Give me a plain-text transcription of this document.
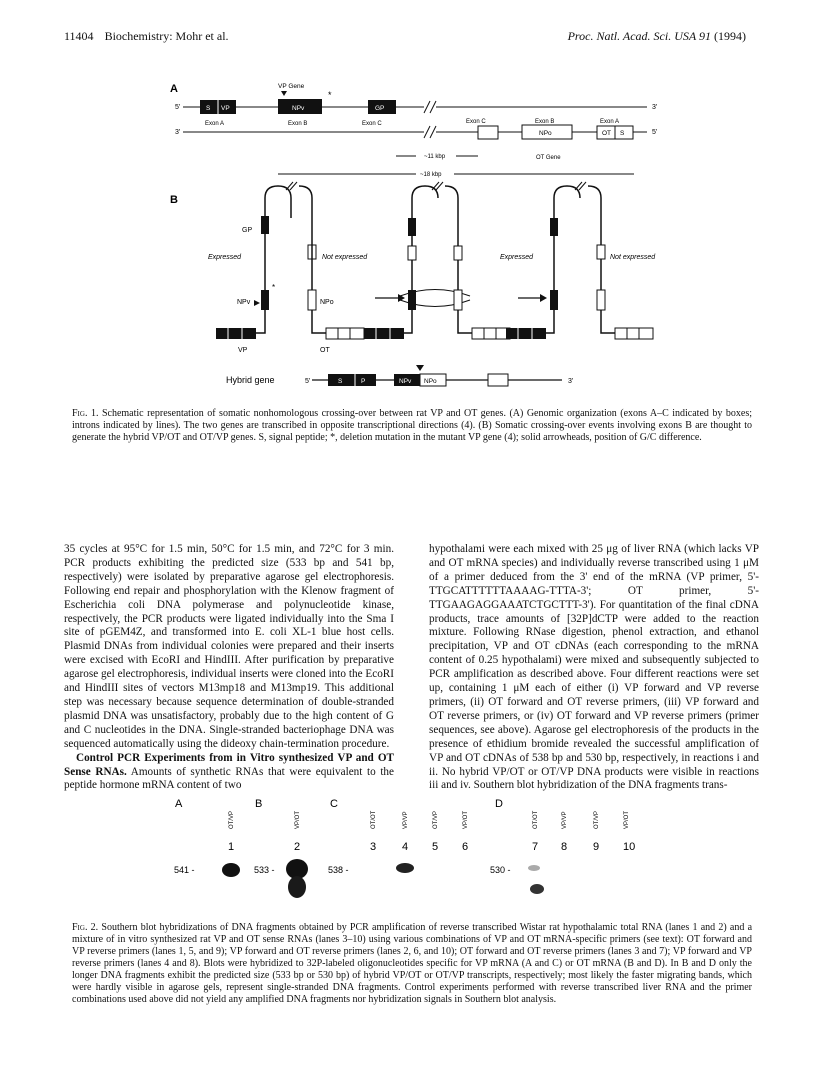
11404 Biochemistry: Mohr et al.	Proc. Natl. Acad. Sci. USA 91 (1994)
A	VP Gene
5'	3'
S VP	NPv
*
GP
Exon A	Exon B	Exon C
3'	5'
Exon C	Exon B	Exon A
NPo	OT S
~11 kbp	OT Gene
~18 kbp
B
GP
Expressed	Not expressed
NPv
*
NPo
VP	OT
Expressed	Not expressed
Hybrid gene	5'	S	P	NPv NPo	3'
Fig. 1. Schematic representation of somatic nonhomologous crossing-over between rat VP and OT genes. (A) Genomic organization (exons A–C indicated by boxes; introns indicated by lines). The two genes are transcribed in opposite transcriptional directions (4). (B) Somatic crossing-over events involving exons B are thought to generate the hybrid VP/OT and OT/VP genes. S, signal peptide; *, deletion mutation in the mutant VP gene (4); solid arrowheads, position of G/C difference.

35 cycles at 95°C for 1.5 min, 50°C for 1.5 min, and 72°C for 3 min. PCR products exhibiting the predicted size (533 bp and 541 bp, respectively) were isolated by preparative agarose gel electrophoresis. Following end repair and phosphorylation with the Klenow fragment of Escherichia coli DNA polymerase and polynucleotide kinase, respectively, the PCR products were ligated individually into the Sma I site of pGEM4Z, and transformed into E. coli XL-1 blue host cells. Plasmid DNAs from individual colonies were prepared and their inserts were excised with EcoRI and HindIII. After purification by preparative agarose gel electrophoresis, individual inserts were cloned into the EcoRI and HindIII sites of vectors M13mp18 and M13mp19. This additional step was necessary because sequence determination of double-stranded plasmid DNA was unsatisfactory, probably due to the high content of G and C nucleotides in the DNA. Single-stranded bacteriophage DNA was sequenced automatically using the dideoxy chain-termination procedure.

Control PCR Experiments from in Vitro synthesized VP and OT Sense RNAs. Amounts of synthetic RNAs that were equivalent to the peptide hormone mRNA content of two

hypothalami were each mixed with 25 μg of liver RNA (which lacks VP and OT mRNA species) and individually reverse transcribed using 1 μM of a primer deduced from the 3' end of the mRNA (VP primer, 5'-TTGCATTTTTTAAAAG-TTTA-3'; OT primer, 5'-TTGAAGAGGAAATCTGCTTT-3'). For quantitation of the final cDNA products, trace amounts of [32P]dCTP were added to the reaction mixture. Following RNase digestion, phenol extraction, and ethanol precipitation, VP and OT cDNAs (each corresponding to the mRNA content of 0.25 hypothalami) were mixed and subsequently subjected to PCR amplification as described above. Four different reactions were set up, containing 1 μM each of either (i) VP forward and VP reverse primers, (ii) OT forward and OT reverse primers, (iii) VP forward and OT reverse primers, or (iv) OT forward and VP reverse primers (primer sequences, see above). Agarose gel electrophoresis of the products in the presence of ethidium bromide revealed the successful amplification of VP and OT cDNAs of 538 bp and 530 bp, respectively, in reactions i and ii. No hybrid VP/OT or OT/VP DNA products were visible in reactions iii and iv. Southern blot hybridization of the DNA fragments trans-

A	B	C	D
OT/VP	VP/OT	OT/OT	VP/VP	OT/VP	VP/OT	OT/OT	VP/VP	OT/VP	VP/OT
1	2	3 4 5 6	7 8 9 10
541 -	533 -	538 -	530 -
Fig. 2. Southern blot hybridizations of DNA fragments obtained by PCR amplification of reverse transcribed Wistar rat hypothalamic total RNA (lanes 1 and 2) and a mixture of in vitro synthesized rat VP and OT sense RNAs (lanes 3–10) using various combinations of VP and OT mRNA-specific primers (see text): OT forward and VP reverse primers (lanes 1, 5, and 9); VP forward and OT reverse primers (lanes 2, 6, and 10); OT forward and OT reverse primers (lanes 3 and 7); VP forward and VP reverse primers (lanes 4 and 8). Blots were hybridized to 32P-labeled oligonucleotides specific for VP mRNA (A and C) or OT mRNA (B and D). In B and D only the longer DNA fragments exhibit the predicted size (533 bp or 530 bp) of hybrid VP/OT or OT/VP transcripts, respectively; most likely the faster migrating bands, which were hardly visible in agarose gels, represent single-stranded DNA fragments. Control experiments performed with reverse transcribed liver RNA and the primer combinations used above did not yield any amplified DNA fragments nor hybridization signals in Southern blot analysis.
